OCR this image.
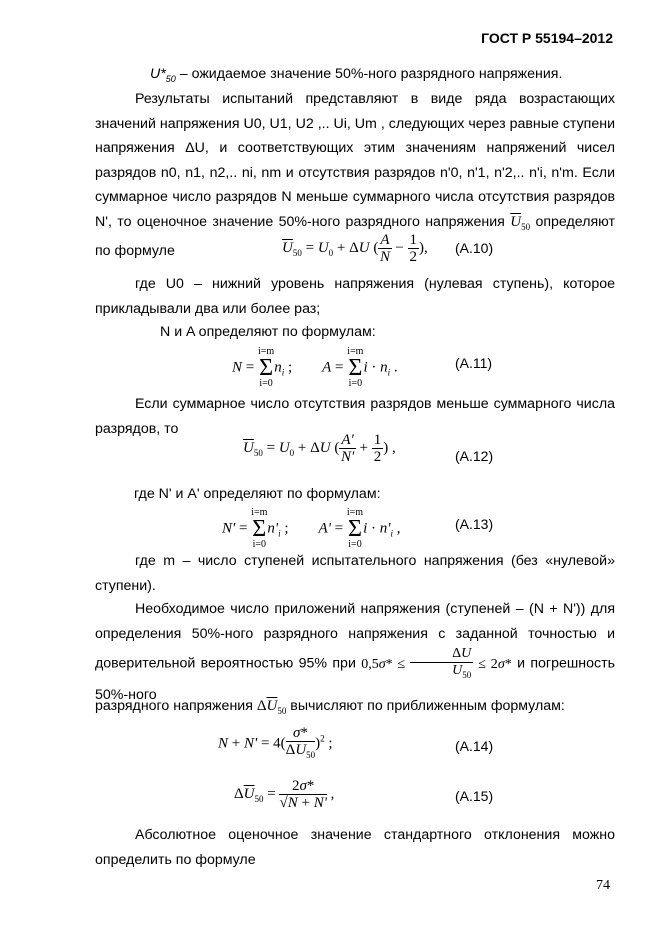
ГОСТ Р 55194–2012

$U*_{50}$ – ожидаемое значение 50%-ного разрядного напряжения.

Результаты испытаний представляют в виде ряда возрастающих значений напряжения U0, U1, U2 ,.. Ui, Um , следующих через равные ступени напряжения ΔU, и соответствующих этим значениям напряжений чисел разрядов n0, n1, n2,.. ni, nm и отсутствия разрядов n'0, n'1, n'2,.. n'i, n'm. Если суммарное число разрядов N меньше суммарного числа отсутствия разрядов N', то оценочное значение 50%-ного разрядного напряжения $\overline{U}_{50}$ определяют по формуле	$\overline{U}_{50} = U_0 + \Delta U$ ( $\frac{A}{N} - \frac{1}{2}$ ), (А.10)

где U0 – нижний уровень напряжения (нулевая ступень), которое прикладывали два или более раз;

N и A определяют по формулам:

N = i=m
Σ
$i=0n_i$ ;        A = i=m
Σ
$i=0i \cdot n_i$ .	(А.11)

Если суммарное число отсутствия разрядов меньше суммарного числа разрядов, то

$\overline{U}_{50} = U_0 + \Delta U$ ( $\frac{A'}{N'} + \frac{1}{2}$ ) ,
(А.12)

где N' и A' определяют по формулам:

N' = i=m
Σ
$i=0n'_i$ ;        A' = i=m
Σ
$i=0i \cdot n'_i$ ,	(А.13)

где m – число ступеней испытательного напряжения (без «нулевой» ступени).

Необходимое число приложений напряжения (ступеней – (N + N')) для определения 50%-ного разрядного напряжения с заданной точностью и доверительной вероятностью 95% при $0,5\sigma* \le \frac{\Delta U}{\overline{U}_{50}} \le 2\sigma*$ и погрешность 50%-ного

разрядного напряжения $\Delta\overline{U}_{50}$ вычисляют по приближенным формулам:

$N + N' = 4( \frac{\sigma*}{\Delta\overline{U}_{50}} )^2$ ;	(А.14)
$\Delta\overline{U}_{50} = \frac{2\sigma*}{√N + N'}$ ,	(А.15)

Абсолютное оценочное значение стандартного отклонения можно определить по формуле

74
